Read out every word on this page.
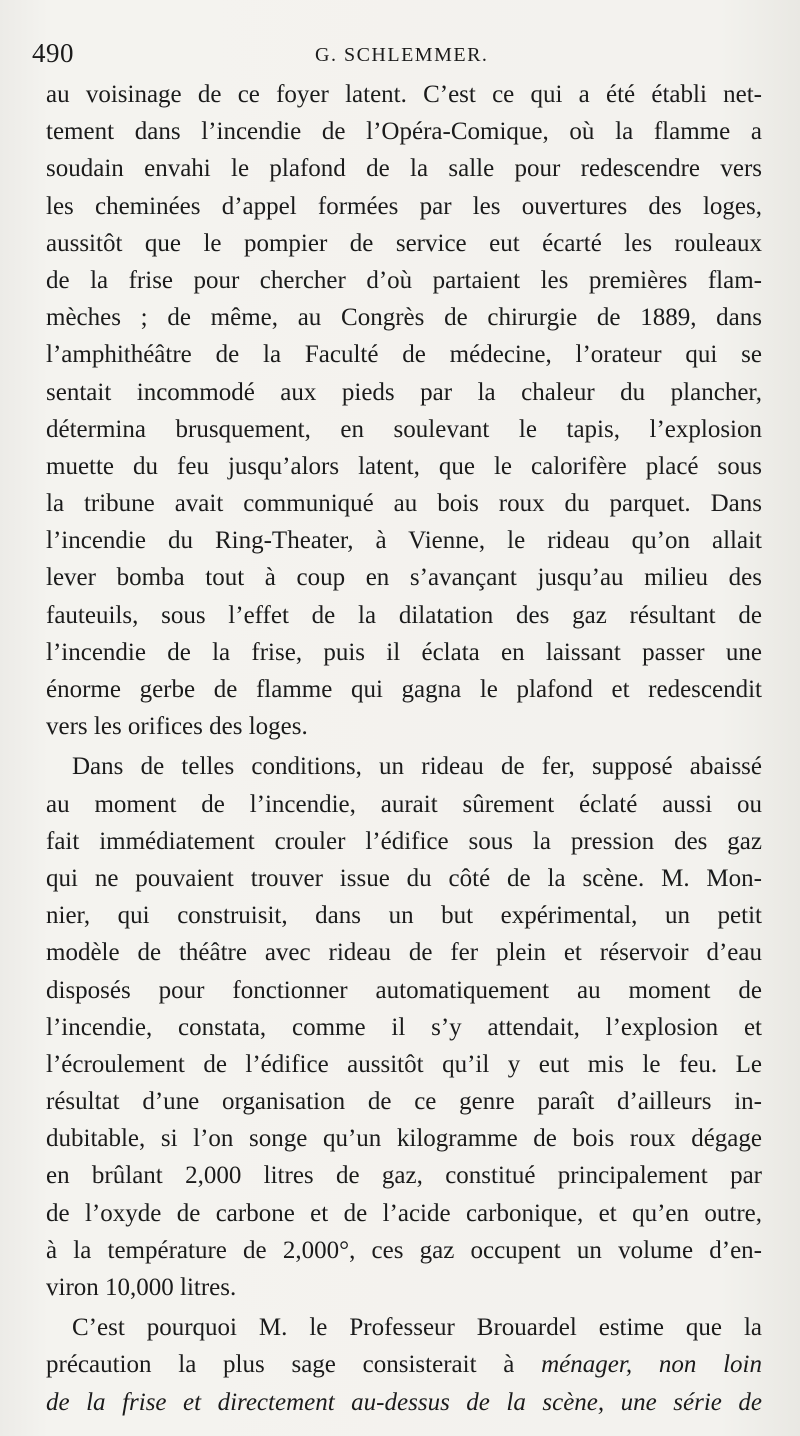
490	G. SCHLEMMER.
au voisinage de ce foyer latent. C’est ce qui a été établi net-
tement dans l’incendie de l’Opéra-Comique, où la flamme a
soudain envahi le plafond de la salle pour redescendre vers
les cheminées d’appel formées par les ouvertures des loges,
aussitôt que le pompier de service eut écarté les rouleaux
de la frise pour chercher d’où partaient les premières flam-
mèches ; de même, au Congrès de chirurgie de 1889, dans
l’amphithéâtre de la Faculté de médecine, l’orateur qui se
sentait incommodé aux pieds par la chaleur du plancher,
détermina brusquement, en soulevant le tapis, l’explosion
muette du feu jusqu’alors latent, que le calorifère placé sous
la tribune avait communiqué au bois roux du parquet. Dans
l’incendie du Ring-Theater, à Vienne, le rideau qu’on allait
lever bomba tout à coup en s’avançant jusqu’au milieu des
fauteuils, sous l’effet de la dilatation des gaz résultant de
l’incendie de la frise, puis il éclata en laissant passer une
énorme gerbe de flamme qui gagna le plafond et redescendit
vers les orifices des loges.
Dans de telles conditions, un rideau de fer, supposé abaissé
au moment de l’incendie, aurait sûrement éclaté aussi ou
fait immédiatement crouler l’édifice sous la pression des gaz
qui ne pouvaient trouver issue du côté de la scène. M. Mon-
nier, qui construisit, dans un but expérimental, un petit
modèle de théâtre avec rideau de fer plein et réservoir d’eau
disposés pour fonctionner automatiquement au moment de
l’incendie, constata, comme il s’y attendait, l’explosion et
l’écroulement de l’édifice aussitôt qu’il y eut mis le feu. Le
résultat d’une organisation de ce genre paraît d’ailleurs in-
dubitable, si l’on songe qu’un kilogramme de bois roux dégage
en brûlant 2,000 litres de gaz, constitué principalement par
de l’oxyde de carbone et de l’acide carbonique, et qu’en outre,
à la température de 2,000°, ces gaz occupent un volume d’en-
viron 10,000 litres.
C’est pourquoi M. le Professeur Brouardel estime que la
précaution la plus sage consisterait à ménager, non loin
de la frise et directement au-dessus de la scène, une série de
